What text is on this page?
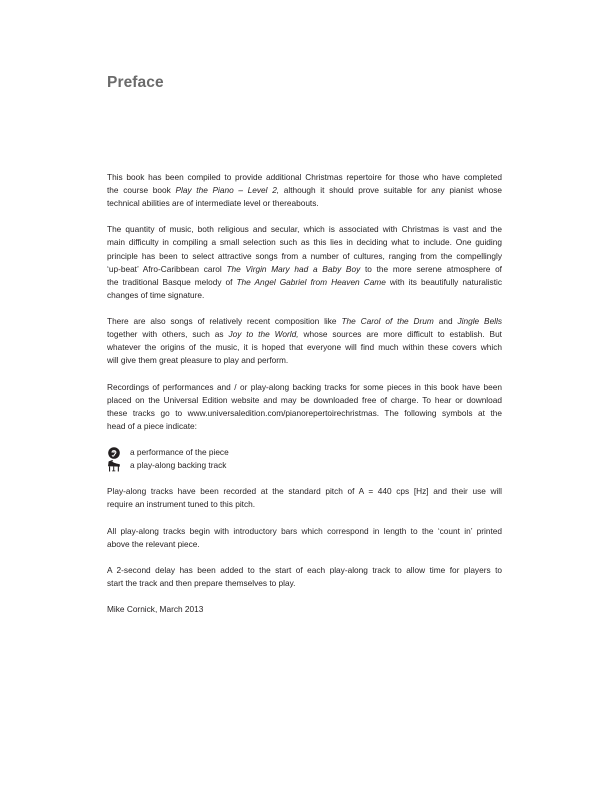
Preface

This book has been compiled to provide additional Christmas repertoire for those who have completed
the course book Play the Piano – Level 2, although it should prove suitable for any pianist whose
technical abilities are of intermediate level or thereabouts.

The quantity of music, both religious and secular, which is associated with Christmas is vast and the
main difficulty in compiling a small selection such as this lies in deciding what to include. One guiding
principle has been to select attractive songs from a number of cultures, ranging from the compellingly
‘up-beat’ Afro-Caribbean carol The Virgin Mary had a Baby Boy to the more serene atmosphere of
the traditional Basque melody of The Angel Gabriel from Heaven Came with its beautifully naturalistic
changes of time signature.

There are also songs of relatively recent composition like The Carol of the Drum and Jingle Bells
together with others, such as Joy to the World, whose sources are more difficult to establish. But
whatever the origins of the music, it is hoped that everyone will find much within these covers which
will give them great pleasure to play and perform.

Recordings of performances and / or play-along backing tracks for some pieces in this book have been
placed on the Universal Edition website and may be downloaded free of charge. To hear or download
these tracks go to www.universaledition.com/pianorepertoirechristmas. The following symbols at the
head of a piece indicate:

a performance of the piece
a play-along backing track

Play-along tracks have been recorded at the standard pitch of A = 440 cps [Hz] and their use will
require an instrument tuned to this pitch.

All play-along tracks begin with introductory bars which correspond in length to the ‘count in’ printed
above the relevant piece.

A 2-second delay has been added to the start of each play-along track to allow time for players to
start the track and then prepare themselves to play.

Mike Cornick, March 2013
